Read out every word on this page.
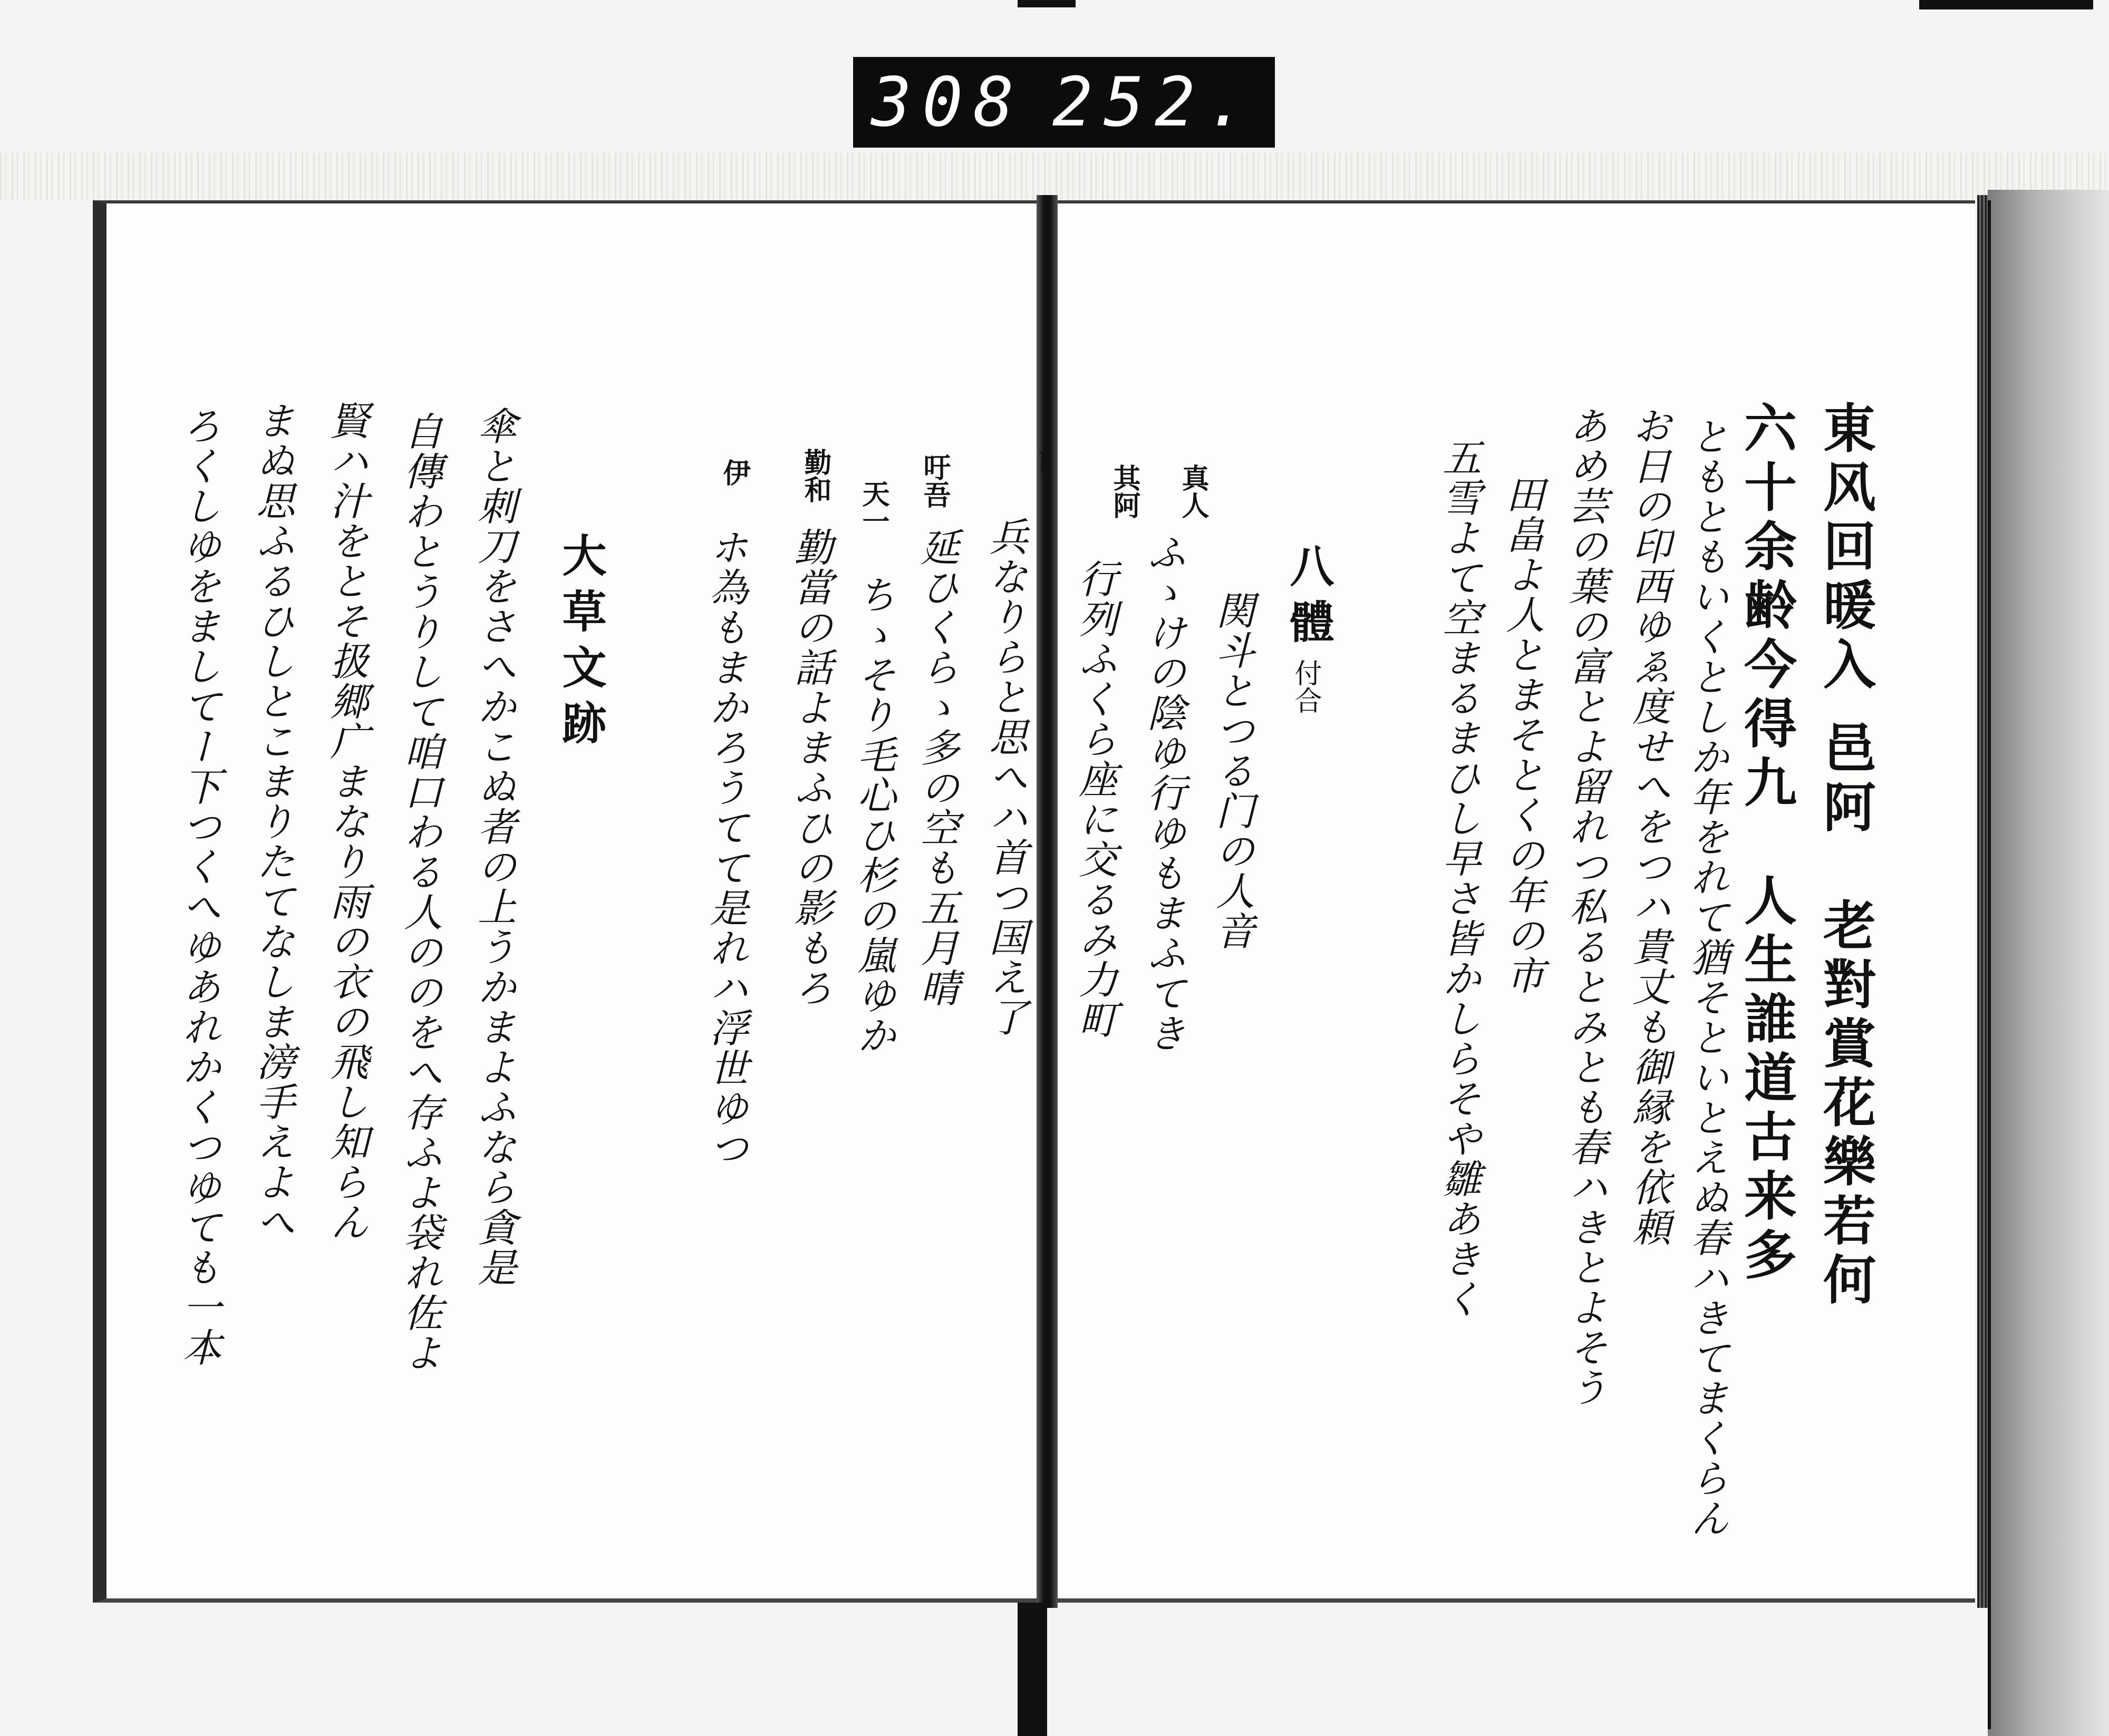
308 252.
東风回暖入 邑阿　老對賞花樂若何
六十余齢今得九　人生誰道古来多
ともともいくとしか年をれて猶そといとえぬ春ハきてまくらん
お日の印西ゆゑ度せへをつハ貴丈も御縁を依頼
あめ芸の葉の富とよ留れつ私るとみとも春ハきとよそう
田畠よ人とまそとくの年の市
五雪よて空まるまひし早さ皆かしらそや雛あきく
八體
付合
関斗とつる门の人音
真人
ふゝけの陰ゆ行ゆもまふてき
其阿
行列ふくら座に交るみ力町
ー
兵なりらと思へハ首つ国え了
吁吾
延ひくらゝ多の空も五月晴
天一
ちゝそり毛心ひ杉の嵐ゆか
勤和
勤當の話よまふひの影もろ
伊
ホ為もまかろうてて是れハ浮世ゆつ
大草文跡
傘と刺刀をさへかこぬ者の上うかまよふなら貪是
自傳わとうりして咱口わる人ののをへ存ふよ袋れ佐よ
賢ハ汁をとそ扱郷广まなり雨の衣の飛し知らん
まぬ思ふるひしとこまりたてなしま滂手えよへ
ろくしゆをましてー下つくへゆあれかくつゆても一本
